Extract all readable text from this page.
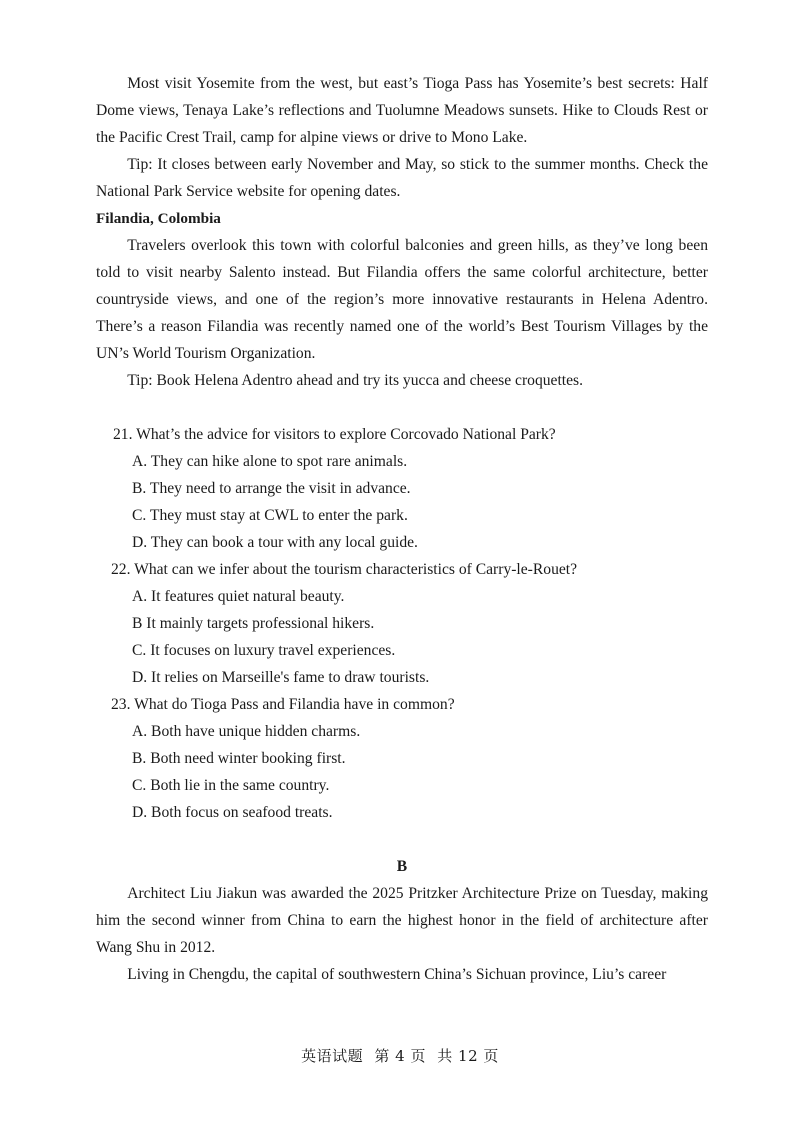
Most visit Yosemite from the west, but east’s Tioga Pass has Yosemite’s best secrets: Half Dome views, Tenaya Lake’s reflections and Tuolumne Meadows sunsets. Hike to Clouds Rest or the Pacific Crest Trail, camp for alpine views or drive to Mono Lake.

Tip: It closes between early November and May, so stick to the summer months. Check the National Park Service website for opening dates.

Filandia, Colombia

Travelers overlook this town with colorful balconies and green hills, as they’ve long been told to visit nearby Salento instead. But Filandia offers the same colorful architecture, better countryside views, and one of the region’s more innovative restaurants in Helena Adentro. There’s a reason Filandia was recently named one of the world’s Best Tourism Villages by the UN’s World Tourism Organization.

Tip: Book Helena Adentro ahead and try its yucca and cheese croquettes.

21. What’s the advice for visitors to explore Corcovado National Park?

A. They can hike alone to spot rare animals.

B. They need to arrange the visit in advance.

C. They must stay at CWL to enter the park.

D. They can book a tour with any local guide.

22. What can we infer about the tourism characteristics of Carry-le-Rouet?

A. It features quiet natural beauty.

B It mainly targets professional hikers.

C. It focuses on luxury travel experiences.

D. It relies on Marseille's fame to draw tourists.

23. What do Tioga Pass and Filandia have in common?

A. Both have unique hidden charms.

B. Both need winter booking first.

C. Both lie in the same country.

D. Both focus on seafood treats.

B

Architect Liu Jiakun was awarded the 2025 Pritzker Architecture Prize on Tuesday, making him the second winner from China to earn the highest honor in the field of architecture after Wang Shu in 2012.

Living in Chengdu, the capital of southwestern China’s Sichuan province, Liu’s career

英语试题 第 4 页 共 12 页
